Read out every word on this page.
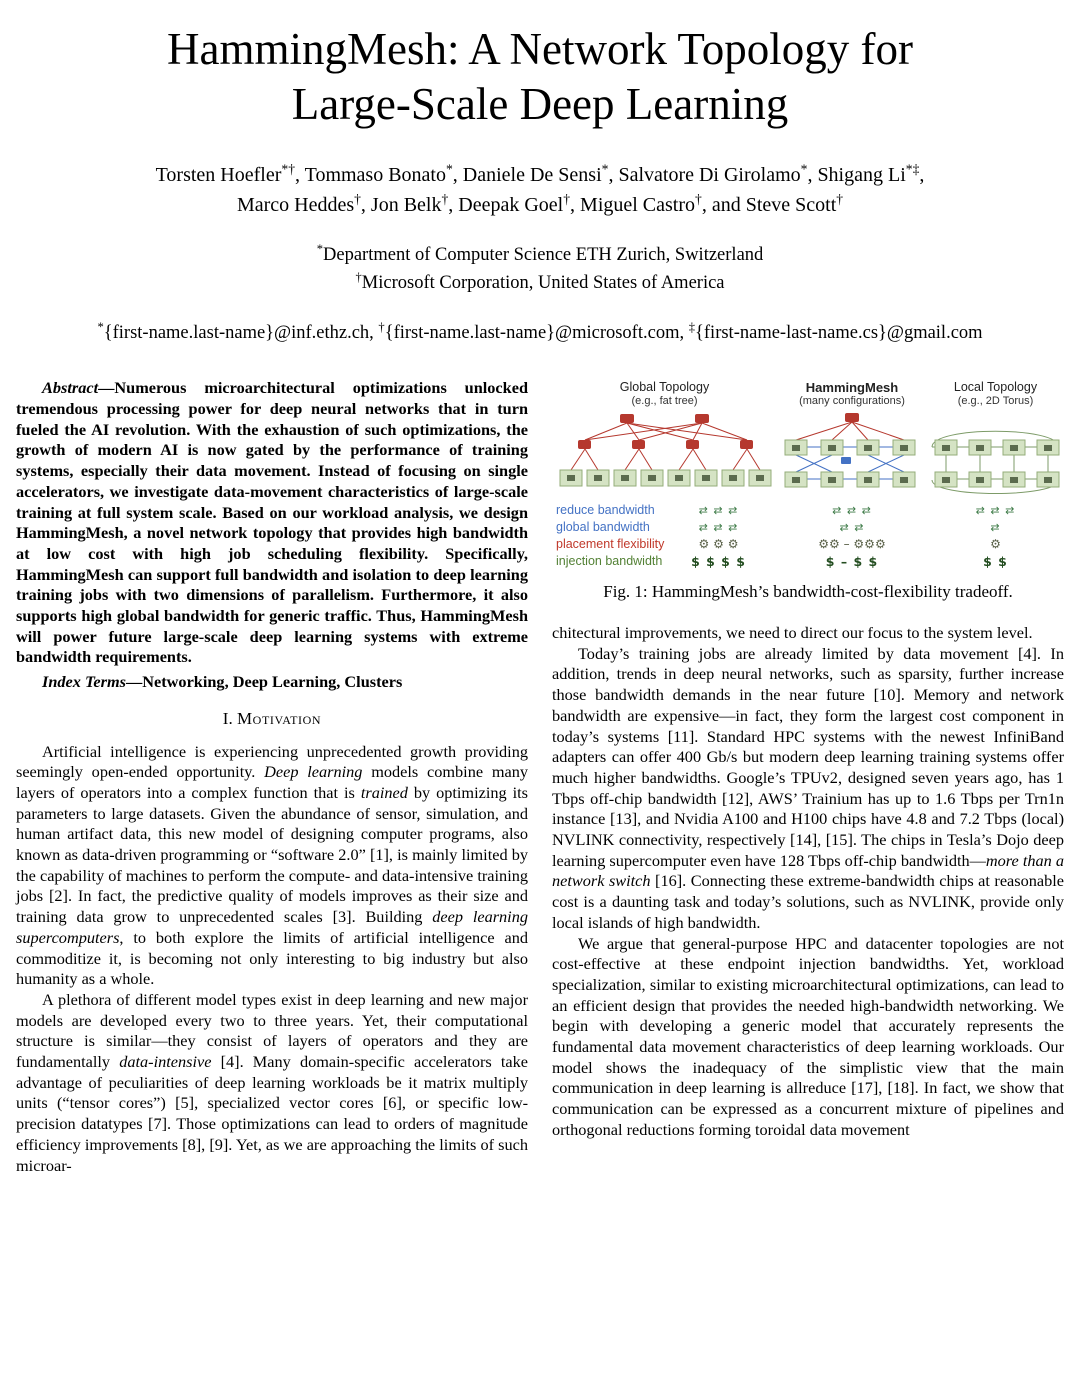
HammingMesh: A Network Topology for
Large-Scale Deep Learning
Torsten Hoefler*†, Tommaso Bonato*, Daniele De Sensi*, Salvatore Di Girolamo*, Shigang Li*‡,
Marco Heddes†, Jon Belk†, Deepak Goel†, Miguel Castro†, and Steve Scott†
*Department of Computer Science ETH Zurich, Switzerland
†Microsoft Corporation, United States of America
*{first-name.last-name}@inf.ethz.ch, †{first-name.last-name}@microsoft.com, ‡{first-name-last-name.cs}@gmail.com

Abstract—Numerous microarchitectural optimizations unlocked tremendous processing power for deep neural networks that in turn fueled the AI revolution. With the exhaustion of such optimizations, the growth of modern AI is now gated by the performance of training systems, especially their data movement. Instead of focusing on single accelerators, we investigate data-movement characteristics of large-scale training at full system scale. Based on our workload analysis, we design HammingMesh, a novel network topology that provides high bandwidth at low cost with high job scheduling flexibility. Specifically, HammingMesh can support full bandwidth and isolation to deep learning training jobs with two dimensions of parallelism. Furthermore, it also supports high global bandwidth for generic traffic. Thus, HammingMesh will power future large-scale deep learning systems with extreme bandwidth requirements.

Index Terms—Networking, Deep Learning, Clusters

I. Motivation

Artificial intelligence is experiencing unprecedented growth providing seemingly open-ended opportunity. Deep learning models combine many layers of operators into a complex function that is trained by optimizing its parameters to large datasets. Given the abundance of sensor, simulation, and human artifact data, this new model of designing computer programs, also known as data-driven programming or “software 2.0” [1], is mainly limited by the capability of machines to perform the compute- and data-intensive training jobs [2]. In fact, the predictive quality of models improves as their size and training data grow to unprecedented scales [3]. Building deep learning supercomputers, to both explore the limits of artificial intelligence and commoditize it, is becoming not only interesting to big industry but also humanity as a whole.

A plethora of different model types exist in deep learning and new major models are developed every two to three years. Yet, their computational structure is similar—they consist of layers of operators and they are fundamentally data-intensive [4]. Many domain-specific accelerators take advantage of peculiarities of deep learning workloads be it matrix multiply units (“tensor cores”) [5], specialized vector cores [6], or specific low-precision datatypes [7]. Those optimizations can lead to orders of magnitude efficiency improvements [8], [9]. Yet, as we are approaching the limits of such microar-

Global Topology
(e.g., fat tree)
HammingMesh
(many configurations)
Local Topology
(e.g., 2D Torus)
reduce bandwidth	⇄ ⇄ ⇄	⇄ ⇄ ⇄	⇄ ⇄ ⇄
global bandwidth	⇄ ⇄ ⇄	⇄ ⇄	⇄
placement flexibility	⚙ ⚙ ⚙	⚙⚙ – ⚙⚙⚙	⚙
injection bandwidth	$ $ $ $	$ – $ $	$ $
Fig. 1: HammingMesh’s bandwidth-cost-flexibility tradeoff.

chitectural improvements, we need to direct our focus to the system level.

Today’s training jobs are already limited by data movement [4]. In addition, trends in deep neural networks, such as sparsity, further increase those bandwidth demands in the near future [10]. Memory and network bandwidth are expensive—in fact, they form the largest cost component in today’s systems [11]. Standard HPC systems with the newest InfiniBand adapters can offer 400 Gb/s but modern deep learning training systems offer much higher bandwidths. Google’s TPUv2, designed seven years ago, has 1 Tbps off-chip bandwidth [12], AWS’ Trainium has up to 1.6 Tbps per Trn1n instance [13], and Nvidia A100 and H100 chips have 4.8 and 7.2 Tbps (local) NVLINK connectivity, respectively [14], [15]. The chips in Tesla’s Dojo deep learning supercomputer even have 128 Tbps off-chip bandwidth—more than a network switch [16]. Connecting these extreme-bandwidth chips at reasonable cost is a daunting task and today’s solutions, such as NVLINK, provide only local islands of high bandwidth.

We argue that general-purpose HPC and datacenter topologies are not cost-effective at these endpoint injection bandwidths. Yet, workload specialization, similar to existing microarchitectural optimizations, can lead to an efficient design that provides the needed high-bandwidth networking. We begin with developing a generic model that accurately represents the fundamental data movement characteristics of deep learning workloads. Our model shows the inadequacy of the simplistic view that the main communication in deep learning is allreduce [17], [18]. In fact, we show that communication can be expressed as a concurrent mixture of pipelines and orthogonal reductions forming toroidal data movement
